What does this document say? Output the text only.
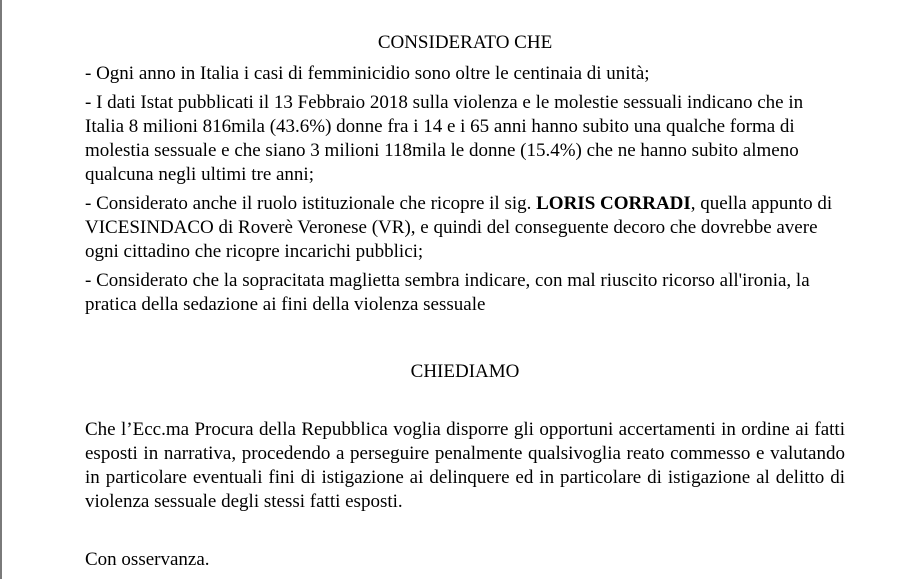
CONSIDERATO CHE

- Ogni anno in Italia i casi di femminicidio sono oltre le centinaia di unità;

- I dati Istat pubblicati il 13 Febbraio 2018 sulla violenza e le molestie sessuali indicano che in Italia 8 milioni 816mila (43.6%) donne fra i 14 e i 65 anni hanno subito una qualche forma di molestia sessuale e che siano 3 milioni 118mila le donne (15.4%) che ne hanno subito almeno qualcuna negli ultimi tre anni;

- Considerato anche il ruolo istituzionale che ricopre il sig. LORIS CORRADI, quella appunto di VICESINDACO di Roverè Veronese (VR), e quindi del conseguente decoro che dovrebbe avere ogni cittadino che ricopre incarichi pubblici;

- Considerato che la sopracitata maglietta sembra indicare, con mal riuscito ricorso all'ironia, la pratica della sedazione ai fini della violenza sessuale

CHIEDIAMO

Che l’Ecc.ma Procura della Repubblica voglia disporre gli opportuni accertamenti in ordine ai fatti esposti in narrativa, procedendo a perseguire penalmente qualsivoglia reato commesso e valutando in particolare eventuali fini di istigazione ai delinquere ed in particolare di istigazione al delitto di violenza sessuale degli stessi fatti esposti.

Con osservanza.
